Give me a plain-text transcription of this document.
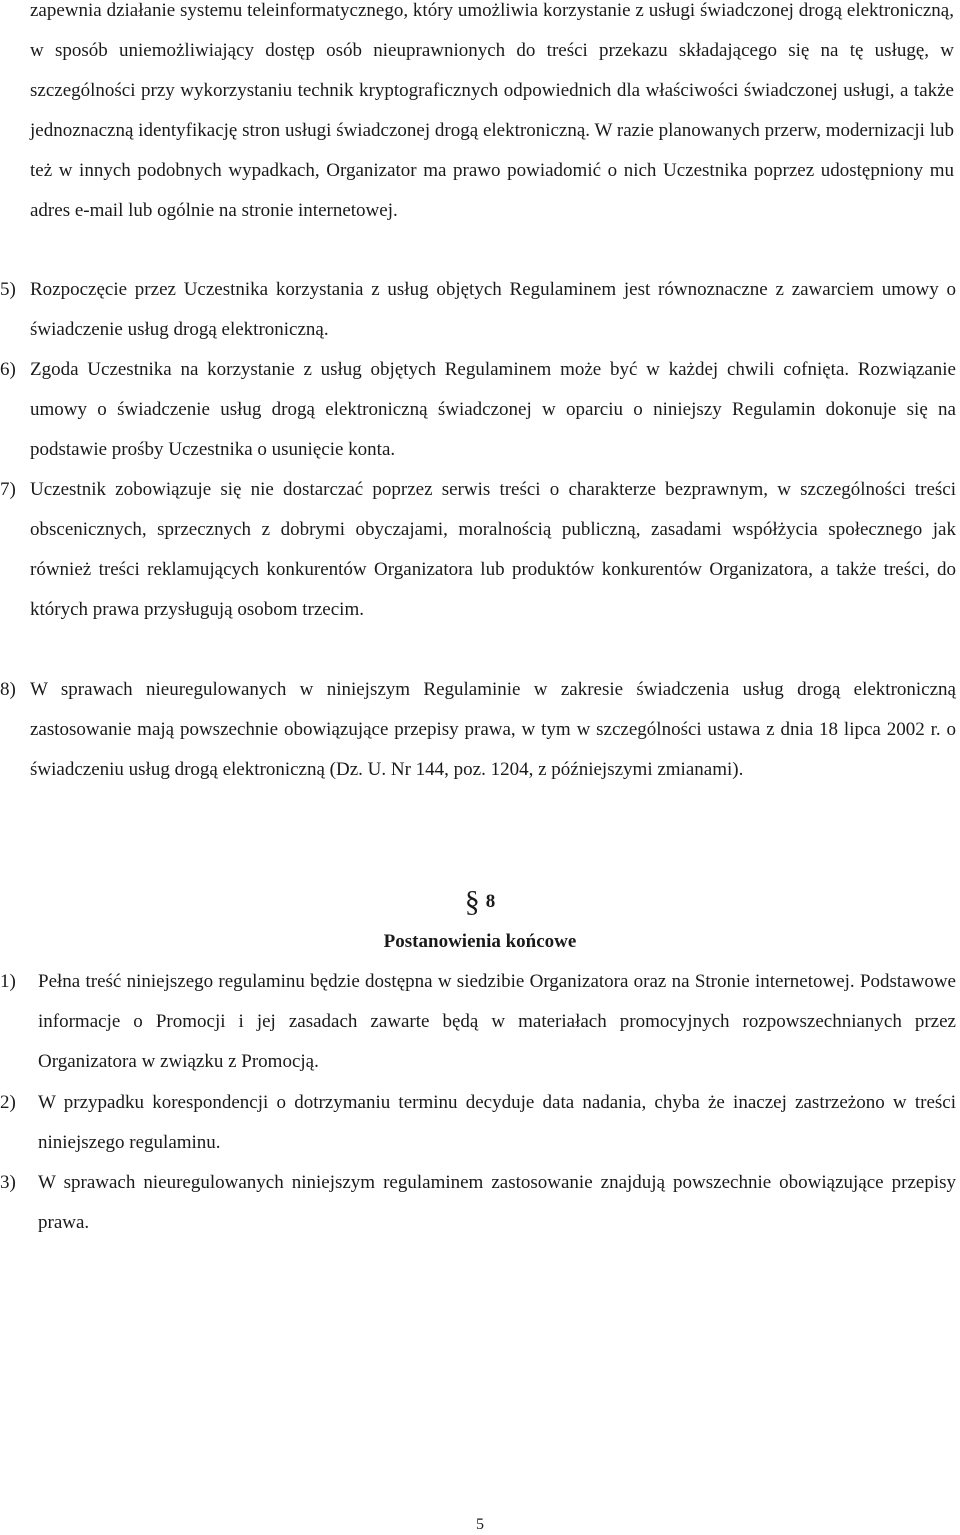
zapewnia działanie systemu teleinformatycznego, który umożliwia korzystanie z usługi świadczonej drogą elektroniczną, w sposób uniemożliwiający dostęp osób nieuprawnionych do treści przekazu składającego się na tę usługę, w szczególności przy wykorzystaniu technik kryptograficznych odpowiednich dla właściwości świadczonej usługi, a także jednoznaczną identyfikację stron usługi świadczonej drogą elektroniczną. W razie planowanych przerw, modernizacji lub też w innych podobnych wypadkach, Organizator ma prawo powiadomić o nich Uczestnika poprzez udostępniony mu adres e-mail lub ogólnie na stronie internetowej.
5) Rozpoczęcie przez Uczestnika korzystania z usług objętych Regulaminem jest równoznaczne z zawarciem umowy o świadczenie usług drogą elektroniczną.
6) Zgoda Uczestnika na korzystanie z usług objętych Regulaminem może być w każdej chwili cofnięta. Rozwiązanie umowy o świadczenie usług drogą elektroniczną świadczonej w oparciu o niniejszy Regulamin dokonuje się na podstawie prośby Uczestnika o usunięcie konta.
7) Uczestnik zobowiązuje się nie dostarczać poprzez serwis treści o charakterze bezprawnym, w szczególności treści obscenicznych, sprzecznych z dobrymi obyczajami, moralnością publiczną, zasadami współżycia społecznego jak również treści reklamujących konkurentów Organizatora lub produktów konkurentów Organizatora, a także treści, do których prawa przysługują osobom trzecim.
8) W sprawach nieuregulowanych w niniejszym Regulaminie w zakresie świadczenia usług drogą elektroniczną zastosowanie mają powszechnie obowiązujące przepisy prawa, w tym w szczególności ustawa z dnia 18 lipca 2002 r. o świadczeniu usług drogą elektroniczną (Dz. U. Nr 144, poz. 1204, z późniejszymi zmianami).
§ 8
Postanowienia końcowe
1) Pełna treść niniejszego regulaminu będzie dostępna w siedzibie Organizatora oraz na Stronie internetowej. Podstawowe informacje o Promocji i jej zasadach zawarte będą w materiałach promocyjnych rozpowszechnianych przez Organizatora w związku z Promocją.
2) W przypadku korespondencji o dotrzymaniu terminu decyduje data nadania, chyba że inaczej zastrzeżono w treści niniejszego regulaminu.
3) W sprawach nieuregulowanych niniejszym regulaminem zastosowanie znajdują powszechnie obowiązujące przepisy prawa.
5
